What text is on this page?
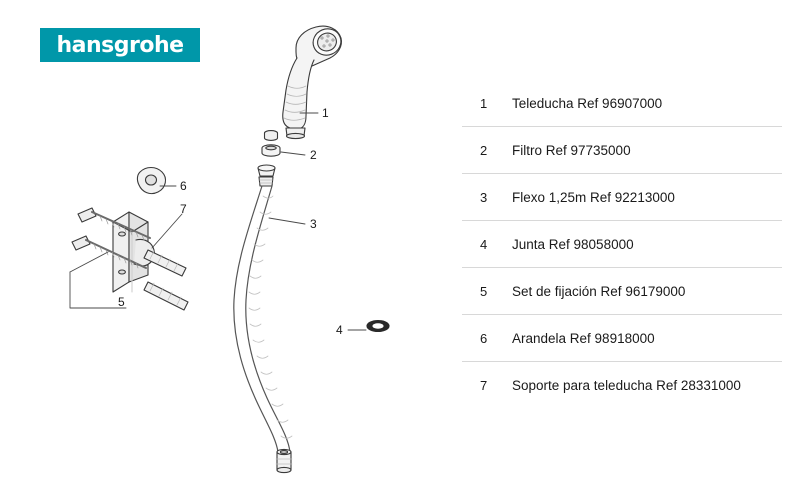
hansgrohe
1
2
3
4
5
6
7
1	Teleducha Ref 96907000
2	Filtro Ref 97735000
3	Flexo 1,25m Ref 92213000
4	Junta Ref 98058000
5	Set de fijación Ref 96179000
6	Arandela Ref 98918000
7	Soporte para teleducha Ref 28331000
